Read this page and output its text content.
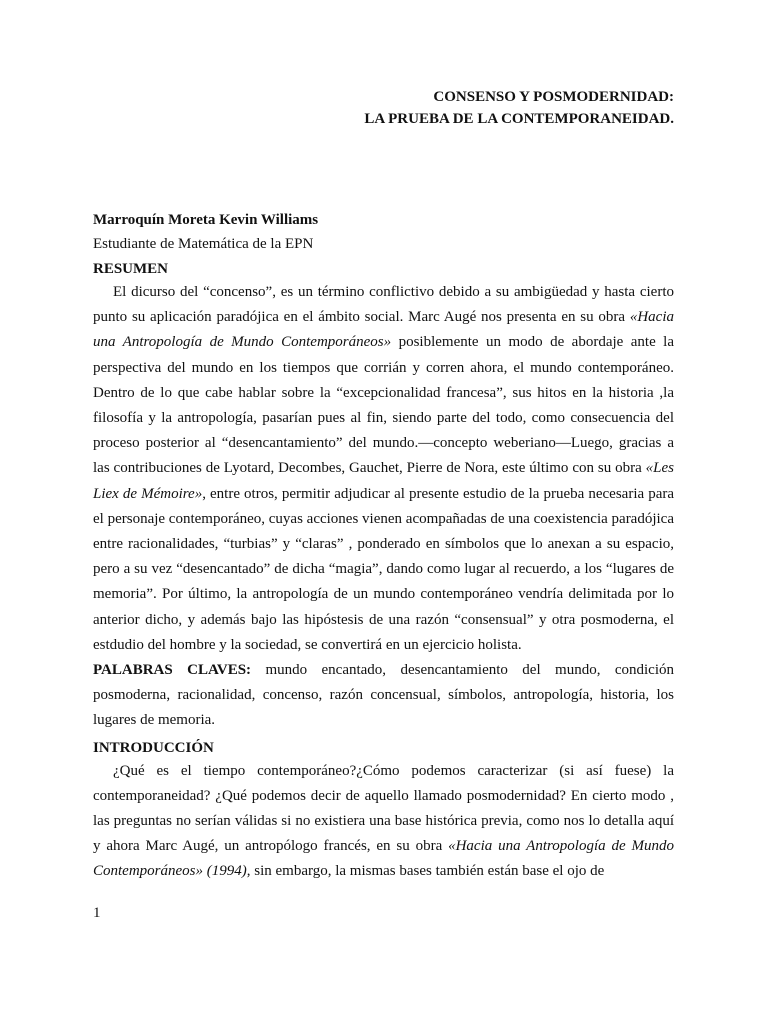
CONSENSO Y POSMODERNIDAD:
LA PRUEBA DE LA CONTEMPORANEIDAD.
Marroquín Moreta Kevin Williams
Estudiante de Matemática de la EPN
RESUMEN

El dicurso del “concenso”, es un término conflictivo debido a su ambigüedad y hasta cierto punto su aplicación paradójica en el ámbito social. Marc Augé nos presenta en su obra «Hacia una Antropología de Mundo Contemporáneos» posiblemente un modo de abordaje ante la perspectiva del mundo en los tiempos que corrián y corren ahora, el mundo contemporáneo. Dentro de lo que cabe hablar sobre la “excepcionalidad francesa”, sus hitos en la historia ,la filosofía y la antropología, pasarían pues al fin, siendo parte del todo, como consecuencia del proceso posterior al “desencantamiento” del mundo.—concepto weberiano—Luego, gracias a las contribuciones de Lyotard, Decombes, Gauchet, Pierre de Nora, este último con su obra «Les Liex de Mémoire», entre otros, permitir adjudicar al presente estudio de la prueba necesaria para el personaje contemporáneo, cuyas acciones vienen acompañadas de una coexistencia paradójica entre racionalidades, “turbias” y “claras” , ponderado en símbolos que lo anexan a su espacio, pero a su vez “desencantado” de dicha “magia”, dando como lugar al recuerdo, a los “lugares de memoria”. Por último, la antropología de un mundo contemporáneo vendría delimitada por lo anterior dicho, y además bajo las hipóstesis de una razón “consensual” y otra posmoderna, el estdudio del hombre y la sociedad, se convertirá en un ejercicio holista.

PALABRAS CLAVES: mundo encantado, desencantamiento del mundo, condición posmoderna, racionalidad, concenso, razón concensual, símbolos, antropología, historia, los lugares de memoria.

INTRODUCCIÓN

¿Qué es el tiempo contemporáneo?¿Cómo podemos caracterizar (si así fuese) la contemporaneidad? ¿Qué podemos decir de aquello llamado posmodernidad? En cierto modo , las preguntas no serían válidas si no existiera una base histórica previa, como nos lo detalla aquí y ahora Marc Augé, un antropólogo francés, en su obra «Hacia una Antropología de Mundo Contemporáneos» (1994), sin embargo, la mismas bases también están base el ojo de

1
